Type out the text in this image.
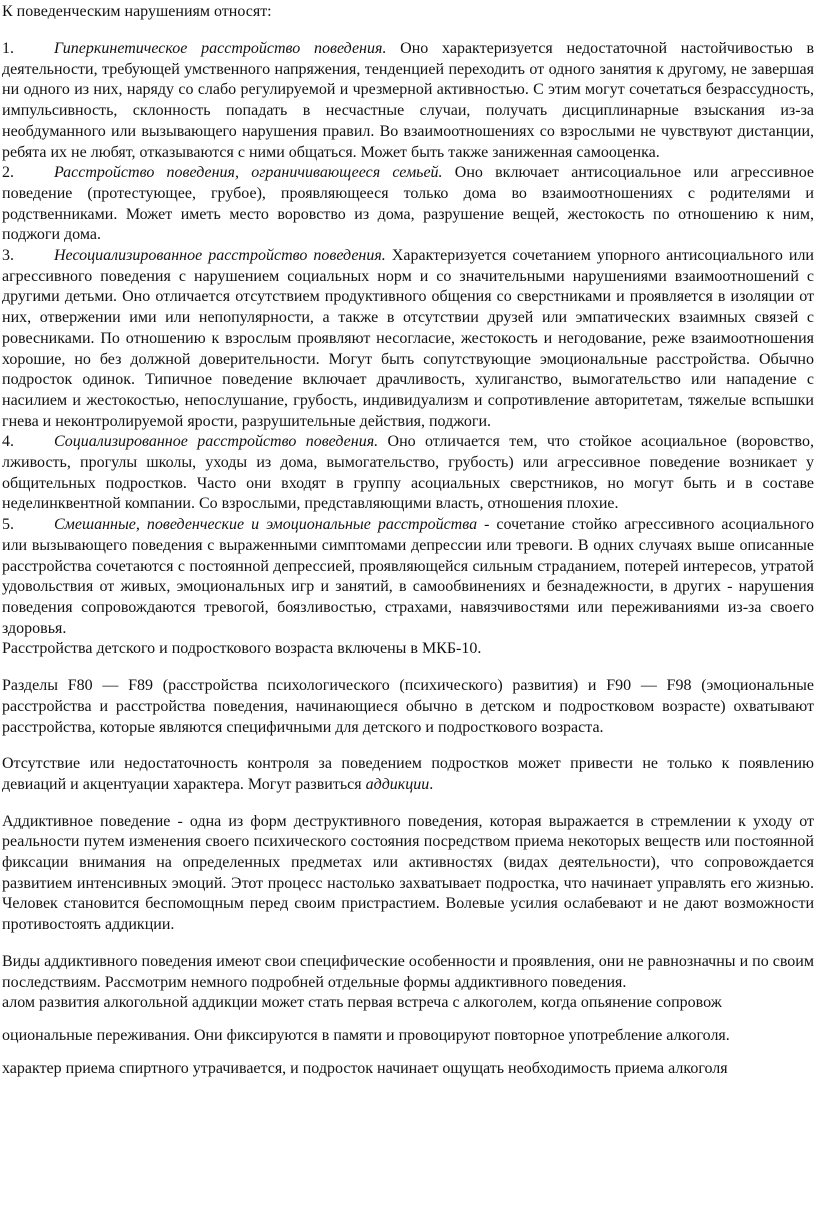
К поведенческим нарушениям относят:

1.	Гиперкинетическое расстройство поведения. Оно характеризуется недостаточной настойчивостью в деятельности, требующей умственного напряжения, тенденцией переходить от одного занятия к другому, не завершая ни одного из них, наряду со слабо регулируемой и чрезмерной активностью. С этим могут сочетаться безрассудность, импульсивность, склонность попадать в несчастные случаи, получать дисциплинарные взыскания из-за необдуманного или вызывающего нарушения правил. Во взаимоотношениях со взрослыми не чувствуют дистанции, ребята их не любят, отказываются с ними общаться. Может быть также заниженная самооценка.

2.	Расстройство поведения, ограничивающееся семьей. Оно включает антисоциальное или агрессивное поведение (протестующее, грубое), проявляющееся только дома во взаимоотношениях с родителями и родственниками. Может иметь место воровство из дома, разрушение вещей, жестокость по отношению к ним, поджоги дома.

3.	Несоциализированное расстройство поведения. Характеризуется сочетанием упорного антисоциального или агрессивного поведения с нарушением социальных норм и со значительными нарушениями взаимоотношений с другими детьми. Оно отличается отсутствием продуктивного общения со сверстниками и проявляется в изоляции от них, отвержении ими или непопулярности, а также в отсутствии друзей или эмпатических взаимных связей с ровесниками. По отношению к взрослым проявляют несогласие, жестокость и негодование, реже взаимоотношения хорошие, но без должной доверительности. Могут быть сопутствующие эмоциональные расстройства. Обычно подросток одинок. Типичное поведение включает драчливость, хулиганство, вымогательство или нападение с насилием и жестокостью, непослушание, грубость, индивидуализм и сопротивление авторитетам, тяжелые вспышки гнева и неконтролируемой ярости, разрушительные действия, поджоги.

4.	Социализированное расстройство поведения. Оно отличается тем, что стойкое асоциальное (воровство, лживость, прогулы школы, уходы из дома, вымогательство, грубость) или агрессивное поведение возникает у общительных подростков. Часто они входят в группу асоциальных сверстников, но могут быть и в составе неделинквентной компании. Со взрослыми, представляющими власть, отношения плохие.

5.	Смешанные, поведенческие и эмоциональные расстройства - сочетание стойко агрессивного асоциального или вызывающего поведения с выраженными симптомами депрессии или тревоги. В одних случаях выше описанные расстройства сочетаются с постоянной депрессией, проявляющейся сильным страданием, потерей интересов, утратой удовольствия от живых, эмоциональных игр и занятий, в самообвинениях и безнадежности, в других - нарушения поведения сопровождаются тревогой, боязливостью, страхами, навязчивостями или переживаниями из-за своего здоровья.

Расстройства детского и подросткового возраста включены в МКБ-10.

Разделы F80 — F89 (расстройства психологического (психического) развития) и F90 — F98 (эмоциональные расстройства и расстройства поведения, начинающиеся обычно в детском и подростковом возрасте) охватывают расстройства, которые являются специфичными для детского и подросткового возраста.

Отсутствие или недостаточность контроля за поведением подростков может привести не только к появлению девиаций и акцентуации характера. Могут развиться аддикции.

Аддиктивное поведение - одна из форм деструктивного поведения, которая выражается в стремлении к уходу от реальности путем изменения своего психического состояния посредством приема некоторых веществ или постоянной фиксации внимания на определенных предметах или активностях (видах деятельности), что сопровождается развитием интенсивных эмоций. Этот процесс настолько захватывает подростка, что начинает управлять его жизнью. Человек становится беспомощным перед своим пристрастием. Волевые усилия ослабевают и не дают возможности противостоять аддикции.

Виды аддиктивного поведения имеют свои специфические особенности и проявления, они не равнозначны и по своим последствиям. Рассмотрим немного подробней отдельные формы аддиктивного поведения.

алом развития алкогольной аддикции может стать первая встреча с алкоголем, когда опьянение сопровож

оциональные переживания. Они фиксируются в памяти и провоцируют повторное употребление алкоголя.

характер приема спиртного утрачивается, и подросток начинает ощущать необходимость приема алкоголя
